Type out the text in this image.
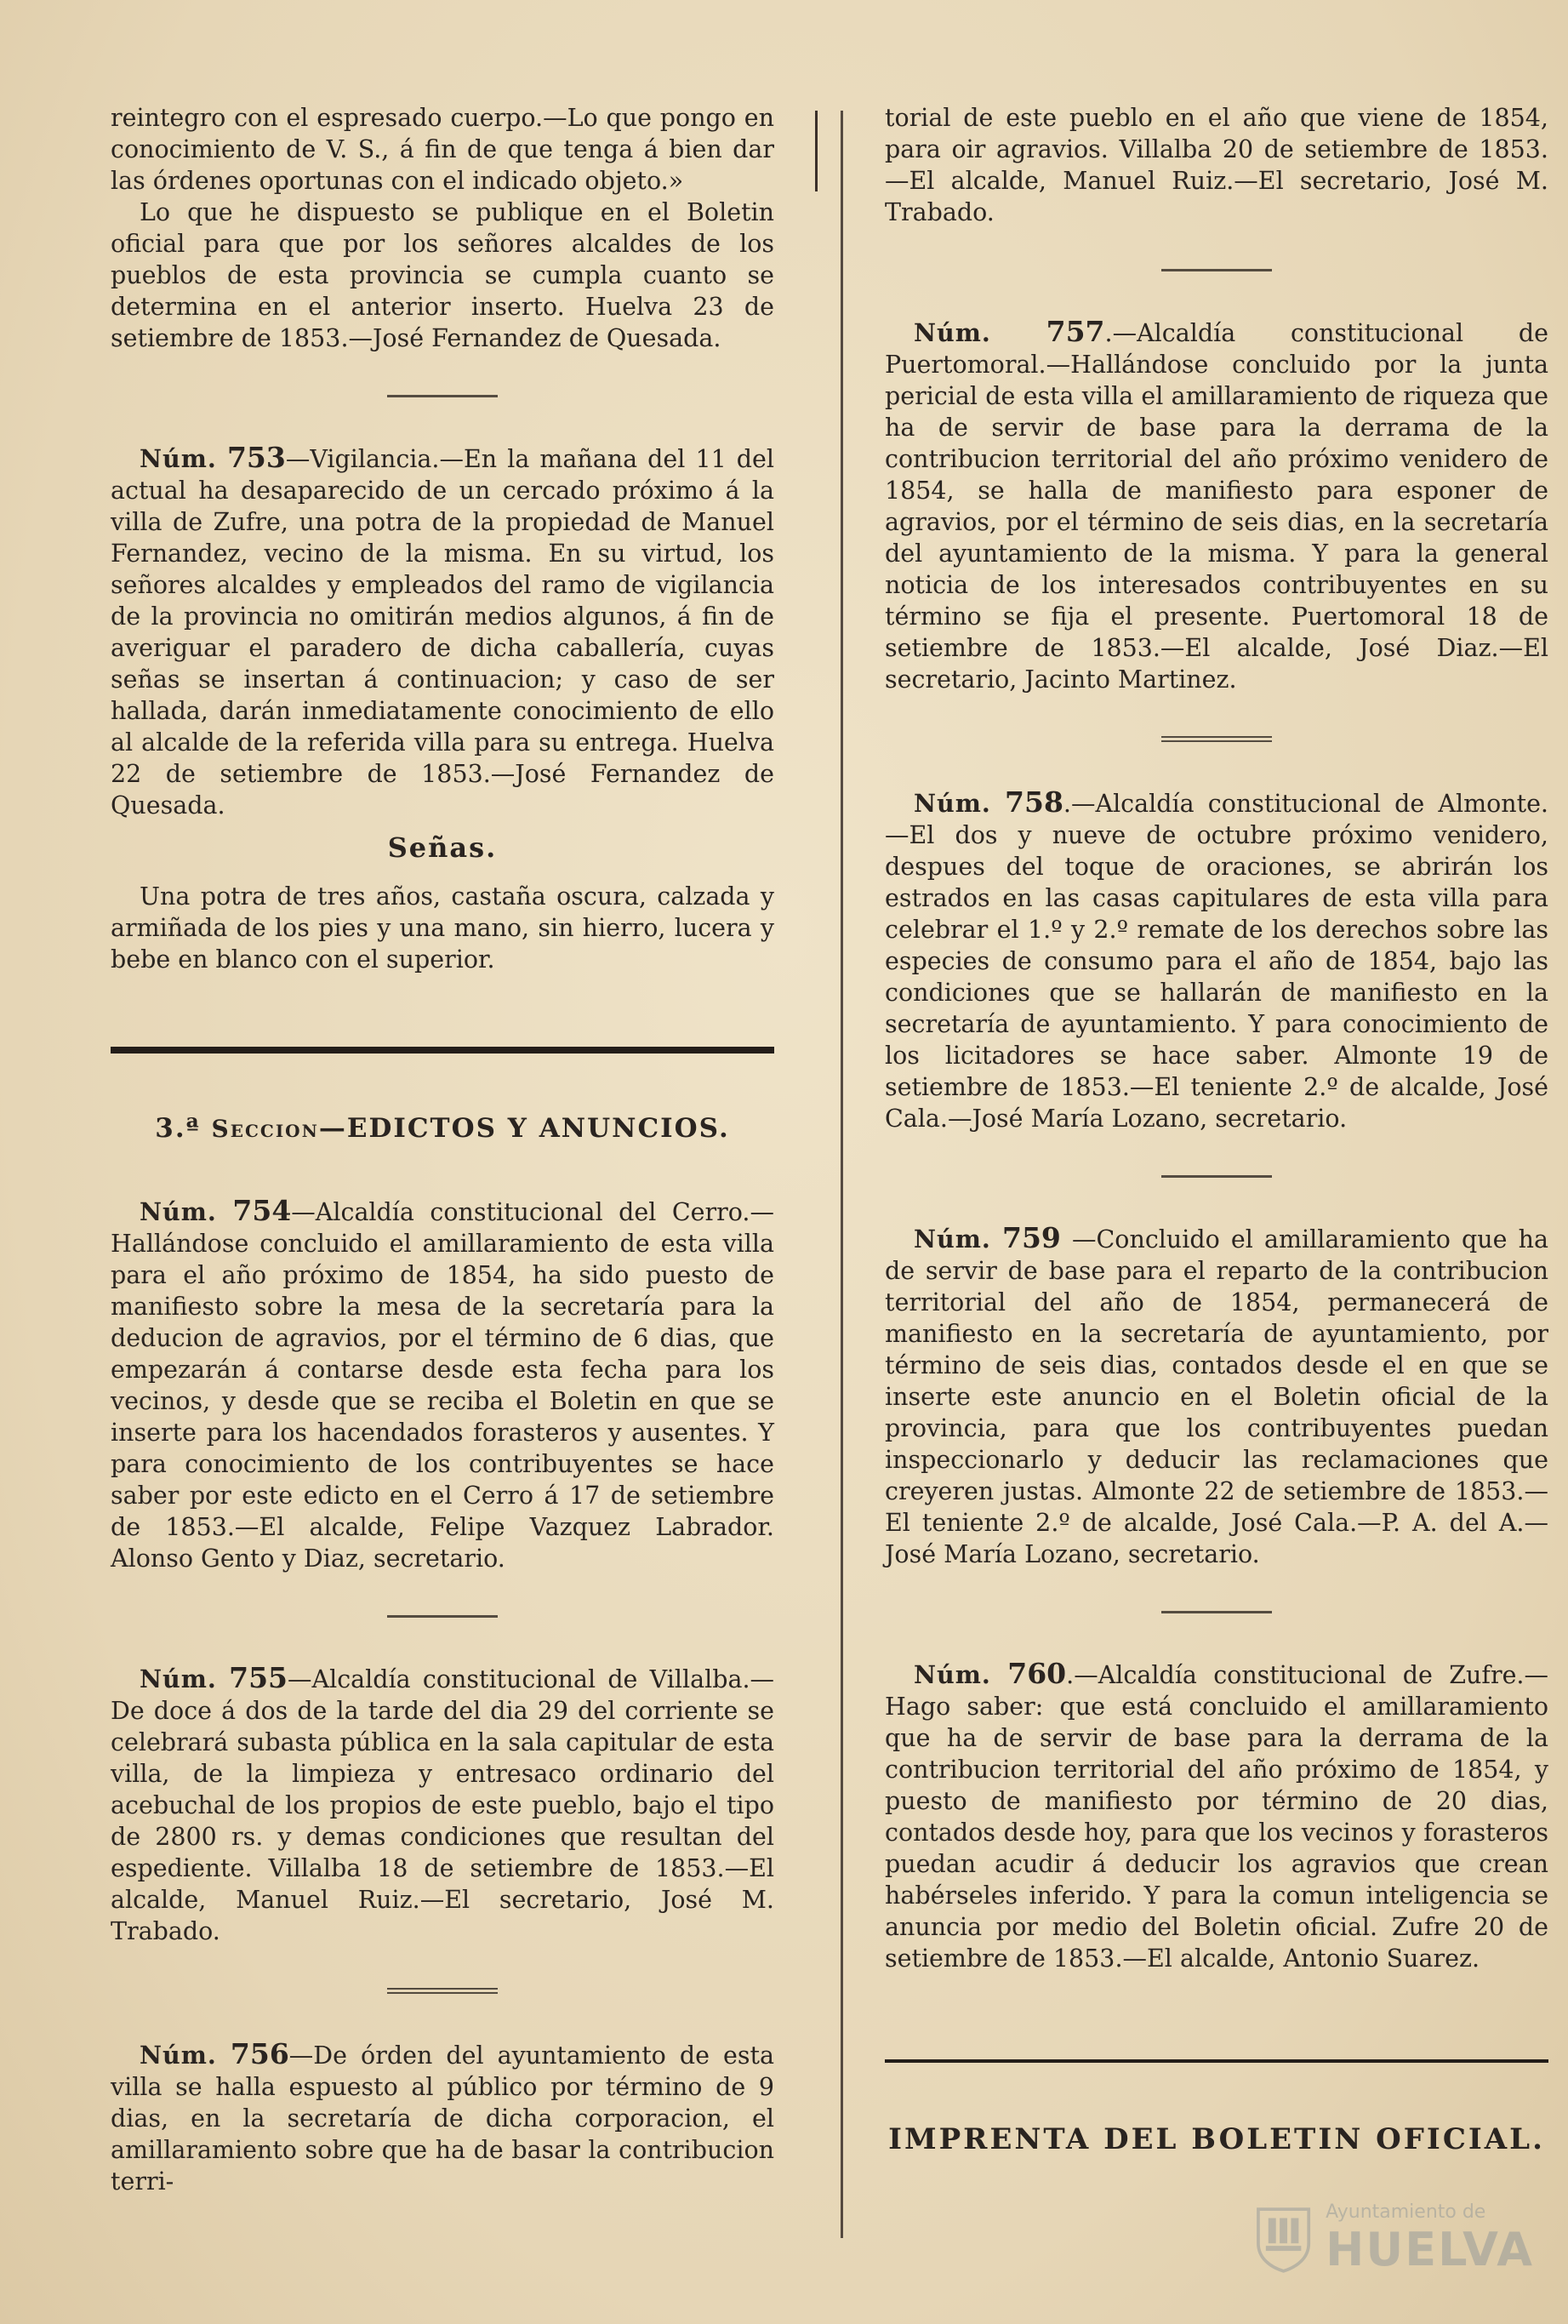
reintegro con el espresado cuerpo.—Lo que pongo en conocimiento de V. S., á fin de que tenga á bien dar las órdenes oportunas con el indicado objeto.»

Lo que he dispuesto se publique en el Boletin oficial para que por los señores alcaldes de los pueblos de esta provincia se cumpla cuanto se determina en el anterior inserto. Huelva 23 de setiembre de 1853.—José Fernandez de Quesada.

Núm. 753—Vigilancia.—En la mañana del 11 del actual ha desaparecido de un cercado próximo á la villa de Zufre, una potra de la propiedad de Manuel Fernandez, vecino de la misma. En su virtud, los señores alcaldes y empleados del ramo de vigilancia de la provincia no omitirán medios algunos, á fin de averiguar el paradero de dicha caballería, cuyas señas se insertan á continuacion; y caso de ser hallada, darán inmediatamente conocimiento de ello al alcalde de la referida villa para su entrega. Huelva 22 de setiembre de 1853.—José Fernandez de Quesada.

Señas.

Una potra de tres años, castaña oscura, calzada y armiñada de los pies y una mano, sin hierro, lucera y bebe en blanco con el superior.

3.ª Seccion—EDICTOS Y ANUNCIOS.

Núm. 754—Alcaldía constitucional del Cerro.—Hallándose concluido el amillaramiento de esta villa para el año próximo de 1854, ha sido puesto de manifiesto sobre la mesa de la secretaría para la deducion de agravios, por el término de 6 dias, que empezarán á contarse desde esta fecha para los vecinos, y desde que se reciba el Boletin en que se inserte para los hacendados forasteros y ausentes. Y para conocimiento de los contribuyentes se hace saber por este edicto en el Cerro á 17 de setiembre de 1853.—El alcalde, Felipe Vazquez Labrador. Alonso Gento y Diaz, secretario.

Núm. 755—Alcaldía constitucional de Villalba.—De doce á dos de la tarde del dia 29 del corriente se celebrará subasta pública en la sala capitular de esta villa, de la limpieza y entresaco ordinario del acebuchal de los propios de este pueblo, bajo el tipo de 2800 rs. y demas condiciones que resultan del espediente. Villalba 18 de setiembre de 1853.—El alcalde, Manuel Ruiz.—El secretario, José M. Trabado.

Núm. 756—De órden del ayuntamiento de esta villa se halla espuesto al público por término de 9 dias, en la secretaría de dicha corporacion, el amillaramiento sobre que ha de basar la contribucion terri-

torial de este pueblo en el año que viene de 1854, para oir agravios. Villalba 20 de setiembre de 1853.—El alcalde, Manuel Ruiz.—El secretario, José M. Trabado.

Núm. 757.—Alcaldía constitucional de Puertomoral.—Hallándose concluido por la junta pericial de esta villa el amillaramiento de riqueza que ha de servir de base para la derrama de la contribucion territorial del año próximo venidero de 1854, se halla de manifiesto para esponer de agravios, por el término de seis dias, en la secretaría del ayuntamiento de la misma. Y para la general noticia de los interesados contribuyentes en su término se fija el presente. Puertomoral 18 de setiembre de 1853.—El alcalde, José Diaz.—El secretario, Jacinto Martinez.

Núm. 758.—Alcaldía constitucional de Almonte.—El dos y nueve de octubre próximo venidero, despues del toque de oraciones, se abrirán los estrados en las casas capitulares de esta villa para celebrar el 1.º y 2.º remate de los derechos sobre las especies de consumo para el año de 1854, bajo las condiciones que se hallarán de manifiesto en la secretaría de ayuntamiento. Y para conocimiento de los licitadores se hace saber. Almonte 19 de setiembre de 1853.—El teniente 2.º de alcalde, José Cala.—José María Lozano, secretario.

Núm. 759 —Concluido el amillaramiento que ha de servir de base para el reparto de la contribucion territorial del año de 1854, permanecerá de manifiesto en la secretaría de ayuntamiento, por término de seis dias, contados desde el en que se inserte este anuncio en el Boletin oficial de la provincia, para que los contribuyentes puedan inspeccionarlo y deducir las reclamaciones que creyeren justas. Almonte 22 de setiembre de 1853.—El teniente 2.º de alcalde, José Cala.—P. A. del A.—José María Lozano, secretario.

Núm. 760.—Alcaldía constitucional de Zufre.—Hago saber: que está concluido el amillaramiento que ha de servir de base para la derrama de la contribucion territorial del año próximo de 1854, y puesto de manifiesto por término de 20 dias, contados desde hoy, para que los vecinos y forasteros puedan acudir á deducir los agravios que crean habérseles inferido. Y para la comun inteligencia se anuncia por medio del Boletin oficial. Zufre 20 de setiembre de 1853.—El alcalde, Antonio Suarez.

IMPRENTA DEL BOLETIN OFICIAL.
Ayuntamiento de
HUELVA
